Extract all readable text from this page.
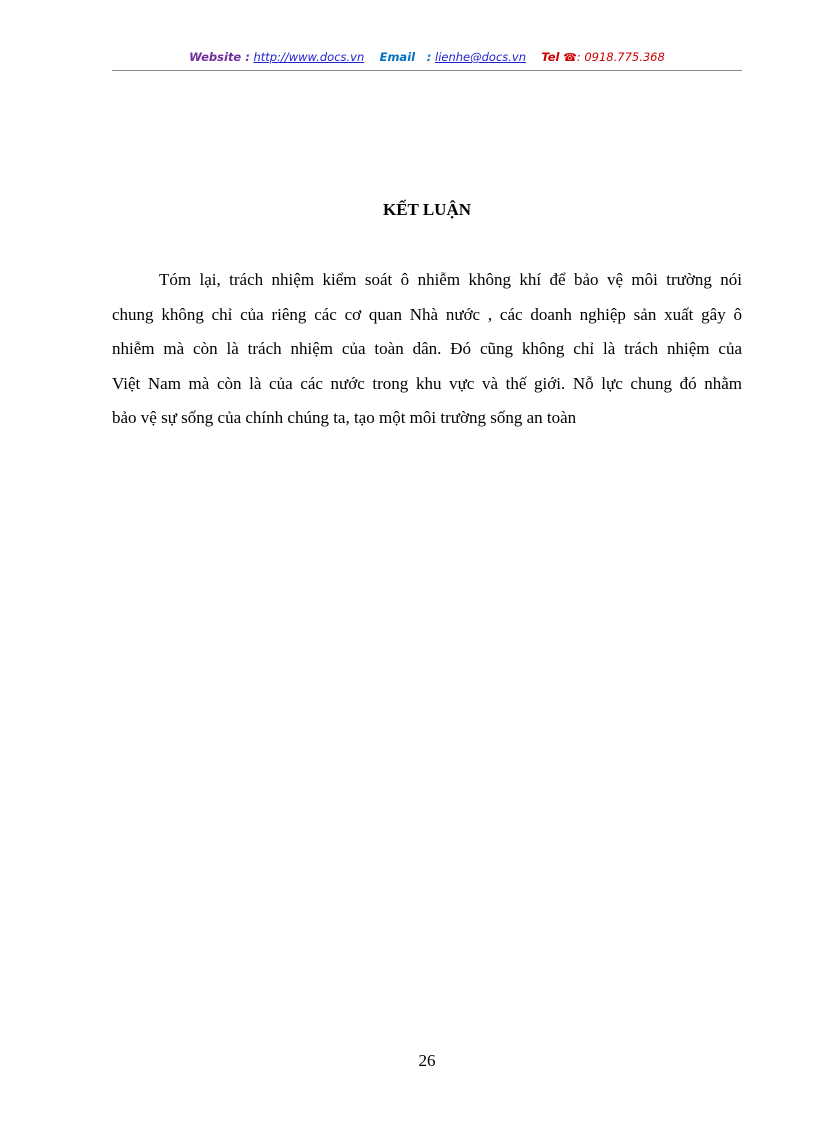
Website : http://www.docs.vn Email : lienhe@docs.vn Tel ☎: 0918.775.368
KẾT LUẬN
Tóm lại, trách nhiệm kiểm soát ô nhiễm không khí để bảo vệ môi trường nói
chung không chỉ của riêng các cơ quan Nhà nước , các doanh nghiệp sản xuất gây ô
nhiễm mà còn là trách nhiệm của toàn dân. Đó cũng không chỉ là trách nhiệm của
Việt Nam mà còn là của các nước trong khu vực và thế giới. Nỗ lực chung đó nhằm
bảo vệ sự sống của chính chúng ta, tạo một môi trường sống an toàn
26
